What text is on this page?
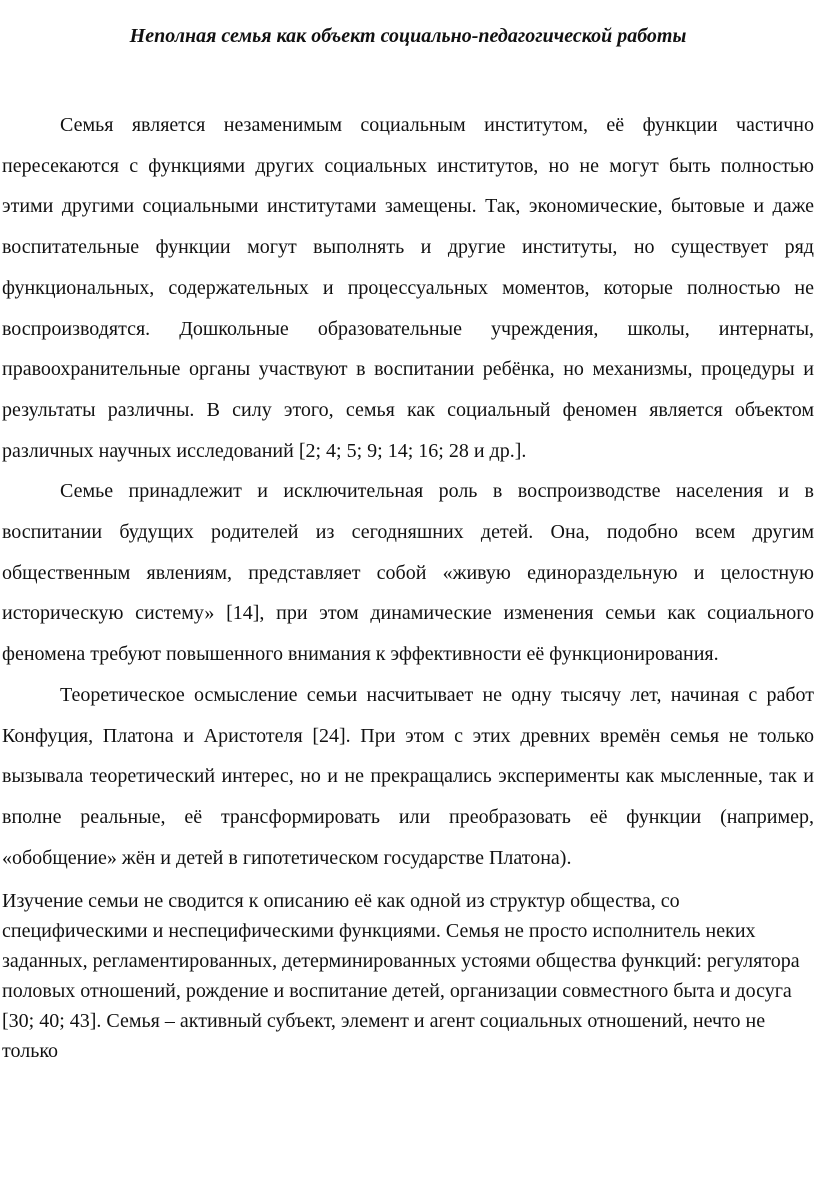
Неполная семья как объект социально-педагогической работы

Семья является незаменимым социальным институтом, её функции частично пересекаются с функциями других социальных институтов, но не могут быть полностью этими другими социальными институтами замещены. Так, экономические, бытовые и даже воспитательные функции могут выполнять и другие институты, но существует ряд функциональных, содержательных и процессуальных моментов, которые полностью не воспроизводятся. Дошкольные образовательные учреждения, школы, интернаты, правоохранительные органы участвуют в воспитании ребёнка, но механизмы, процедуры и результаты различны. В силу этого, семья как социальный феномен является объектом различных научных исследований [2; 4; 5; 9; 14; 16; 28 и др.].

Семье принадлежит и исключительная роль в воспроизводстве населения и в воспитании будущих родителей из сегодняшних детей. Она, подобно всем другим общественным явлениям, представляет собой «живую единораздельную и целостную историческую систему» [14], при этом динамические изменения семьи как социального феномена требуют повышенного внимания к эффективности её функционирования.

Теоретическое осмысление семьи насчитывает не одну тысячу лет, начиная с работ Конфуция, Платона и Аристотеля [24]. При этом с этих древних времён семья не только вызывала теоретический интерес, но и не прекращались эксперименты как мысленные, так и вполне реальные, её трансформировать или преобразовать её функции (например, «обобщение» жён и детей в гипотетическом государстве Платона).

Изучение семьи не сводится к описанию её как одной из структур общества, со специфическими и неспецифическими функциями. Семья не просто исполнитель неких заданных, регламентированных, детерминированных устоями общества функций: регулятора половых отношений, рождение и воспитание детей, организации совместного быта и досуга [30; 40; 43]. Семья – активный субъект, элемент и агент социальных отношений, нечто не только
